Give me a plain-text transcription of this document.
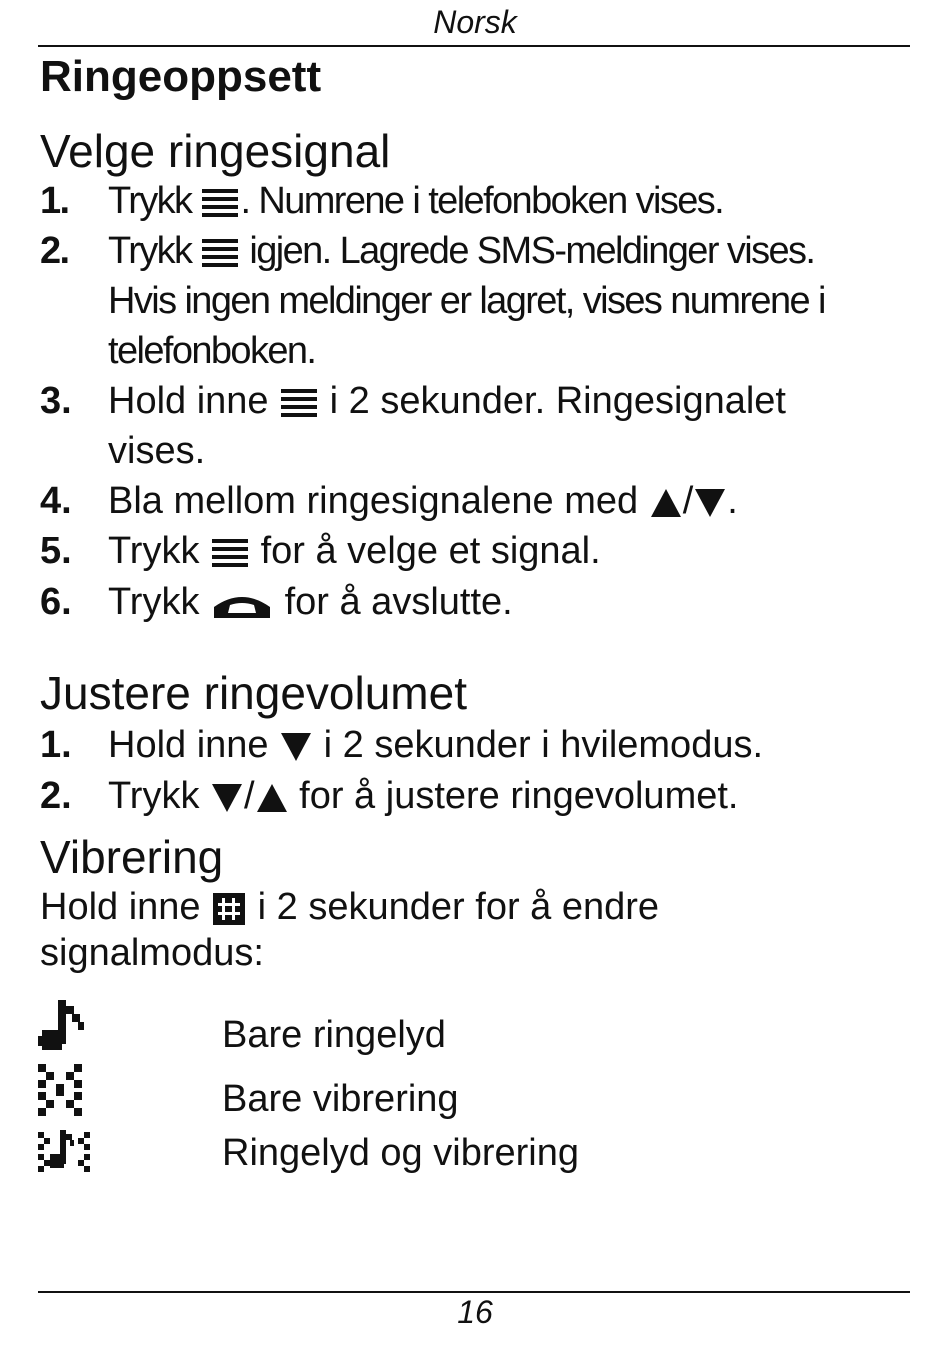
Norsk
Ringeoppsett
Velge ringesignal
1. Trykk . Numrene i telefonboken vises.
2. Trykk  igjen. Lagrede SMS-meldinger vises.
Hvis ingen meldinger er lagret, vises numrene i
telefonboken.
3. Hold inne  i 2 sekunder. Ringesignalet
vises.
4. Bla mellom ringesignalene med / .
5. Trykk  for å velge et signal.
6. Trykk  for å avslutte.
Justere ringevolumet
1. Hold inne  i 2 sekunder i hvilemodus.
2. Trykk / for å justere ringevolumet.
Vibrering
Hold inne  i 2 sekunder for å endre
signalmodus:
Bare ringelyd
Bare vibrering
Ringelyd og vibrering
16
